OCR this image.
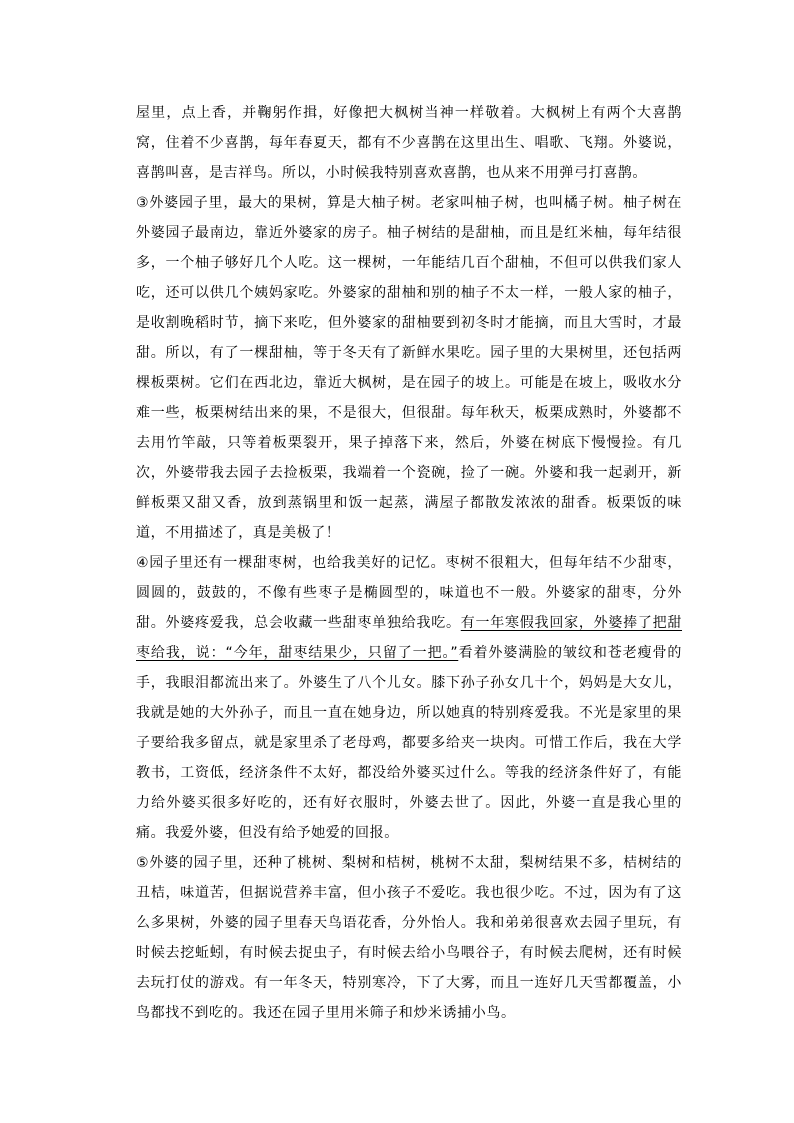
屋里，点上香，并鞠躬作揖，好像把大枫树当神一样敬着。大枫树上有两个大喜鹊窝，住着不少喜鹊，每年春夏天，都有不少喜鹊在这里出生、唱歌、飞翔。外婆说，喜鹊叫喜，是吉祥鸟。所以，小时候我特别喜欢喜鹊，也从来不用弹弓打喜鹊。

③外婆园子里，最大的果树，算是大柚子树。老家叫柚子树，也叫橘子树。柚子树在外婆园子最南边，靠近外婆家的房子。柚子树结的是甜柚，而且是红米柚，每年结很多，一个柚子够好几个人吃。这一棵树，一年能结几百个甜柚，不但可以供我们家人吃，还可以供几个姨妈家吃。外婆家的甜柚和别的柚子不太一样，一般人家的柚子，是收割晚稻时节，摘下来吃，但外婆家的甜柚要到初冬时才能摘，而且大雪时，才最甜。所以，有了一棵甜柚，等于冬天有了新鲜水果吃。园子里的大果树里，还包括两棵板栗树。它们在西北边，靠近大枫树，是在园子的坡上。可能是在坡上，吸收水分难一些，板栗树结出来的果，不是很大，但很甜。每年秋天，板栗成熟时，外婆都不去用竹竿敲，只等着板栗裂开，果子掉落下来，然后，外婆在树底下慢慢捡。有几次，外婆带我去园子去捡板栗，我端着一个瓷碗，捡了一碗。外婆和我一起剥开，新鲜板栗又甜又香，放到蒸锅里和饭一起蒸，满屋子都散发浓浓的甜香。板栗饭的味道，不用描述了，真是美极了！

④园子里还有一棵甜枣树，也给我美好的记忆。枣树不很粗大，但每年结不少甜枣，圆圆的，鼓鼓的，不像有些枣子是椭圆型的，味道也不一般。外婆家的甜枣，分外甜。外婆疼爱我，总会收藏一些甜枣单独给我吃。有一年寒假我回家，外婆捧了把甜枣给我，说：“今年，甜枣结果少，只留了一把。”看着外婆满脸的皱纹和苍老瘦骨的手，我眼泪都流出来了。外婆生了八个儿女。膝下孙子孙女几十个，妈妈是大女儿，我就是她的大外孙子，而且一直在她身边，所以她真的特别疼爱我。不光是家里的果子要给我多留点，就是家里杀了老母鸡，都要多给夹一块肉。可惜工作后，我在大学教书，工资低，经济条件不太好，都没给外婆买过什么。等我的经济条件好了，有能力给外婆买很多好吃的，还有好衣服时，外婆去世了。因此，外婆一直是我心里的痛。我爱外婆，但没有给予她爱的回报。

⑤外婆的园子里，还种了桃树、梨树和桔树，桃树不太甜，梨树结果不多，桔树结的丑桔，味道苦，但据说营养丰富，但小孩子不爱吃。我也很少吃。不过，因为有了这么多果树，外婆的园子里春天鸟语花香，分外怡人。我和弟弟很喜欢去园子里玩，有时候去挖蚯蚓，有时候去捉虫子，有时候去给小鸟喂谷子，有时候去爬树，还有时候去玩打仗的游戏。有一年冬天，特别寒冷，下了大雾，而且一连好几天雪都覆盖，小鸟都找不到吃的。我还在园子里用米筛子和炒米诱捕小鸟。
